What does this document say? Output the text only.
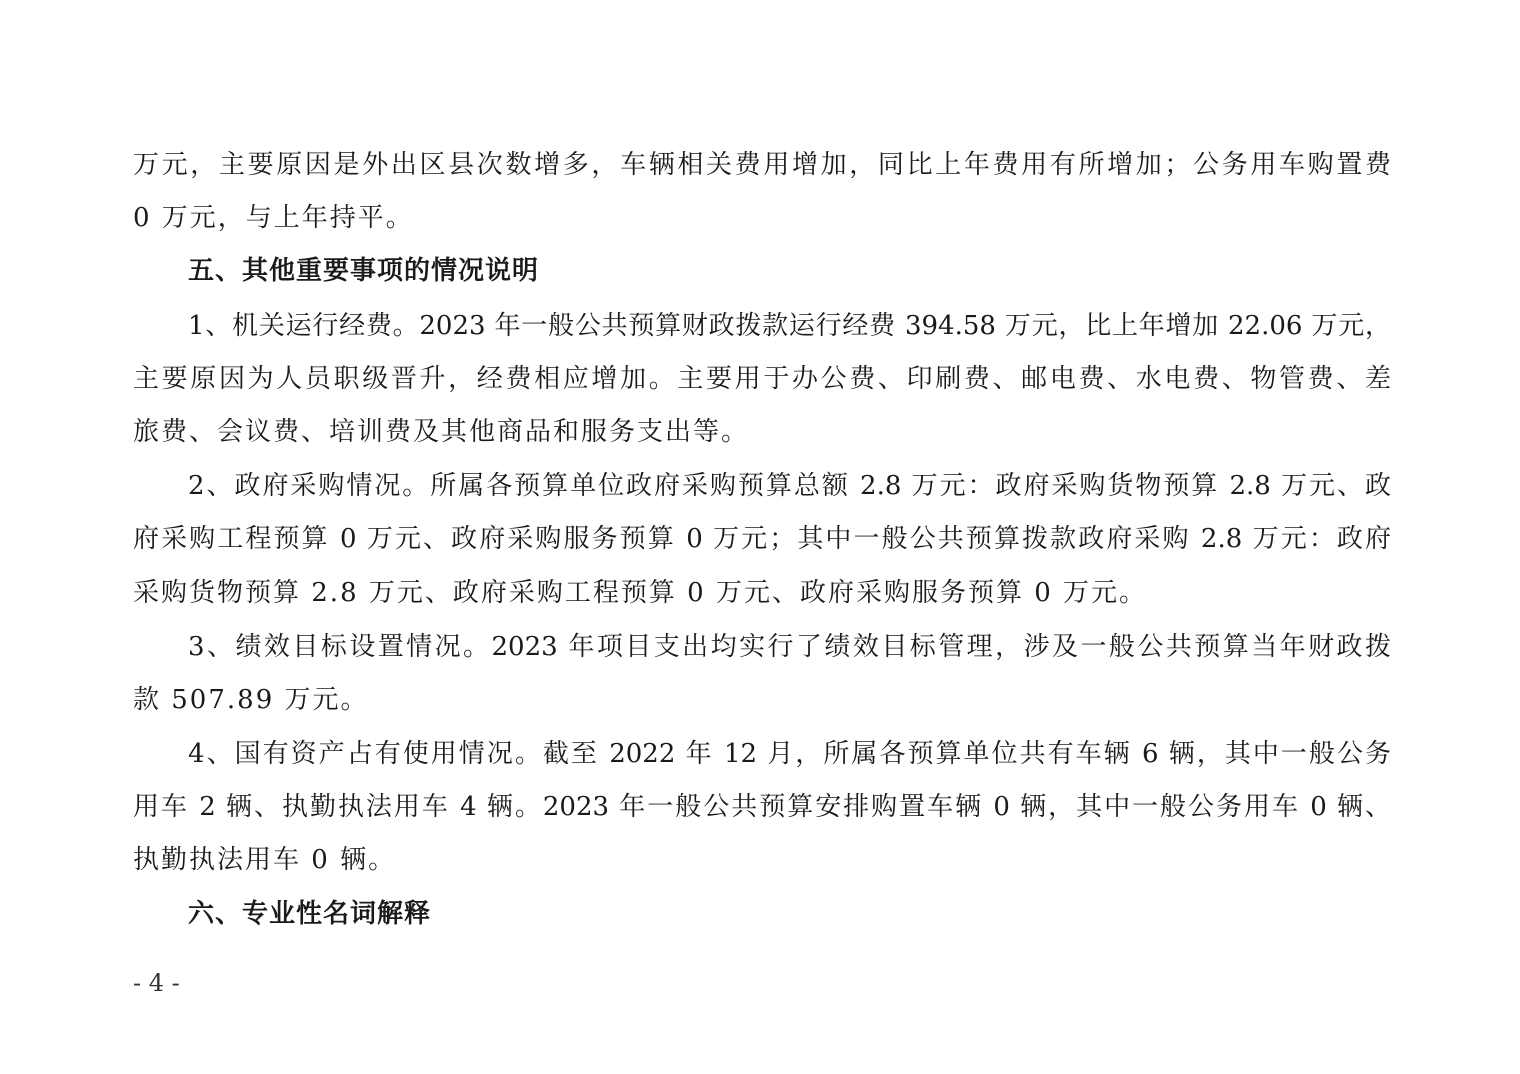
万元，主要原因是外出区县次数增多，车辆相关费用增加，同比上年费用有所增加；公务用车购置费
0 万元，与上年持平。
五、其他重要事项的情况说明
1、机关运行经费。2023 年一般公共预算财政拨款运行经费 394.58 万元，比上年增加 22.06 万元，
主要原因为人员职级晋升，经费相应增加。主要用于办公费、印刷费、邮电费、水电费、物管费、差
旅费、会议费、培训费及其他商品和服务支出等。
2、政府采购情况。所属各预算单位政府采购预算总额 2.8 万元：政府采购货物预算 2.8 万元、政
府采购工程预算 0 万元、政府采购服务预算 0 万元；其中一般公共预算拨款政府采购 2.8 万元：政府
采购货物预算 2.8 万元、政府采购工程预算 0 万元、政府采购服务预算 0 万元。
3、绩效目标设置情况。2023 年项目支出均实行了绩效目标管理，涉及一般公共预算当年财政拨
款 507.89 万元。
4、国有资产占有使用情况。截至 2022 年 12 月，所属各预算单位共有车辆 6 辆，其中一般公务
用车 2 辆、执勤执法用车 4 辆。2023 年一般公共预算安排购置车辆 0 辆，其中一般公务用车 0 辆、
执勤执法用车 0 辆。
六、专业性名词解释
- 4 -
